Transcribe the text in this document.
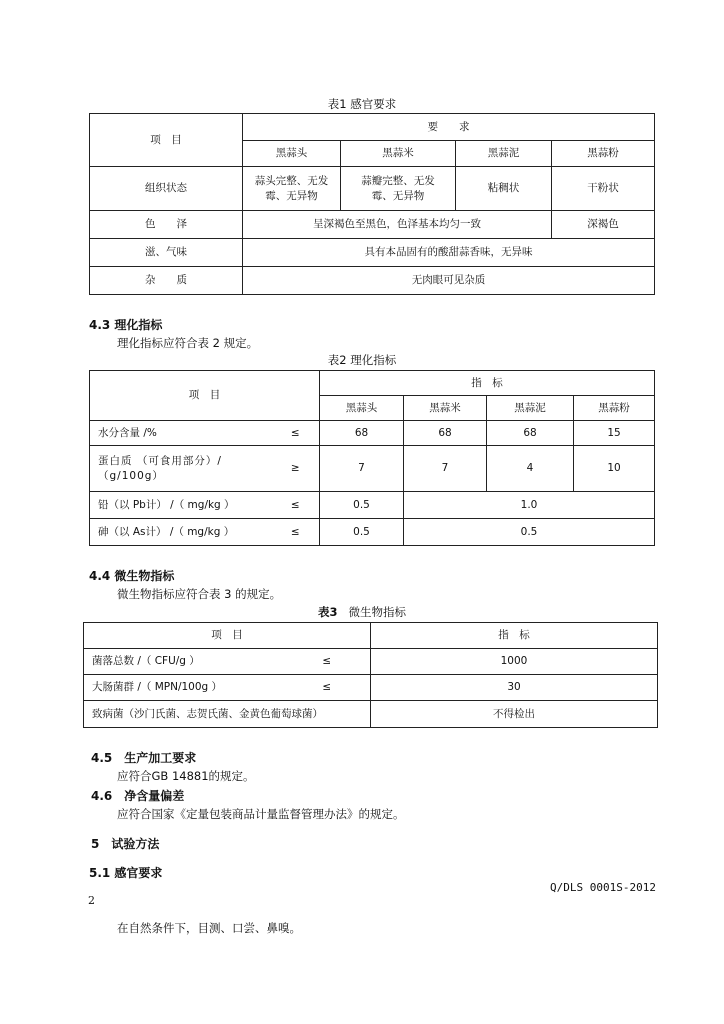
表1 感官要求
项　目	要　　求			
	黑蒜头	黑蒜米	黑蒜泥	黑蒜粉
组织状态	蒜头完整、无发霉、无异物	蒜瓣完整、无发霉、无异物	粘稠状	干粉状
色　　泽	呈深褐色至黑色，色泽基本均匀一致			深褐色
滋、气味	具有本品固有的酸甜蒜香味，无异味			
杂　　质	无肉眼可见杂质			
4.3 理化指标
理化指标应符合表 2 规定。
表2 理化指标
项　目		指　标			
		黑蒜头	黑蒜米	黑蒜泥	黑蒜粉
水分含量 /%	≤	68	68	68	15
蛋白质 （可食用部分）/（g/100g）	≥	7	7	4	10
铅（以 Pb计） /（ mg/kg ）	≤	0.5	1.0		
砷（以 As计） /（ mg/kg ）	≤	0.5	0.5		
4.4 微生物指标
微生物指标应符合表 3 的规定。
表3 微生物指标
项　目		指　标
菌落总数 /（ CFU/g ）	≤	1000
大肠菌群 /（ MPN/100g ）	≤	30
致病菌（沙门氏菌、志贺氏菌、金黄色葡萄球菌）		不得检出
4.5　生产加工要求
应符合GB 14881的规定。
4.6　净含量偏差
应符合国家《定量包装商品计量监督管理办法》的规定。
5　试验方法
5.1 感官要求
Q/DLS 0001S-2012
2
在自然条件下，目测、口尝、鼻嗅。
